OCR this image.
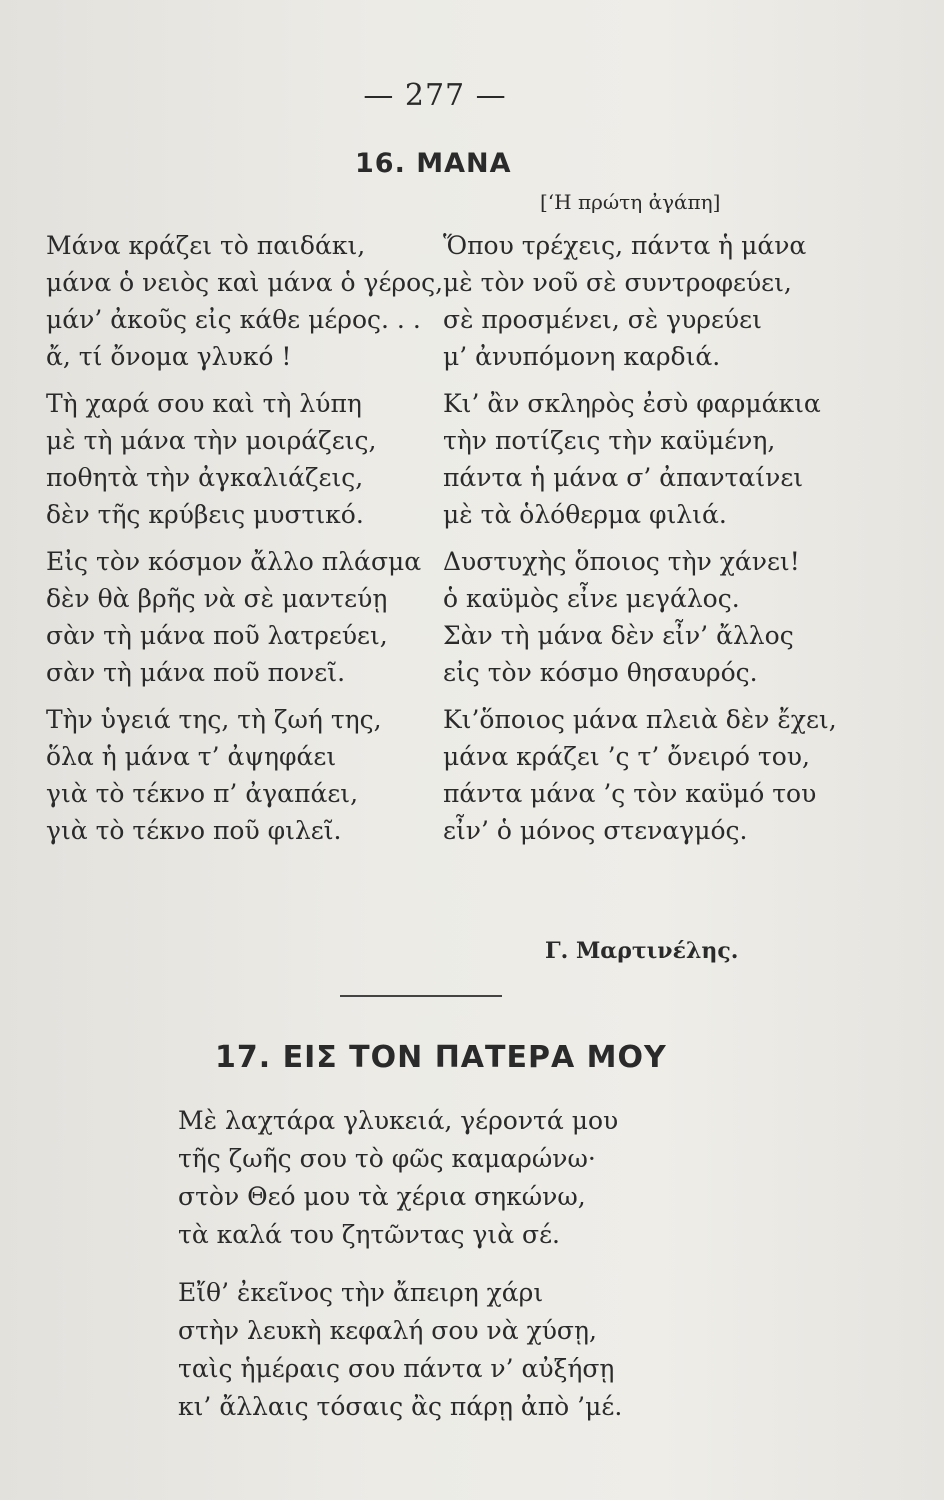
— 277 —
16. ΜΑΝΑ
[‘Η πρώτη ἀγάπη]
Μάνα κράζει τὸ παιδάκι,
μάνα ὁ νειὸς καὶ μάνα ὁ γέρος,
μάν’ ἀκοῦς εἰς κάθε μέρος. . .
ἄ, τί ὄνομα γλυκό !
Τὴ χαρά σου καὶ τὴ λύπη
μὲ τὴ μάνα τὴν μοιράζεις,
ποθητὰ τὴν ἀγκαλιάζεις,
δὲν τῆς κρύβεις μυστικό.
Εἰς τὸν κόσμον ἄλλο πλάσμα
δὲν θὰ βρῆς νὰ σὲ μαντεύῃ
σὰν τὴ μάνα ποῦ λατρεύει,
σὰν τὴ μάνα ποῦ πονεῖ.
Τὴν ὑγειά της, τὴ ζωή της,
ὅλα ἡ μάνα τ’ ἀψηφάει
γιὰ τὸ τέκνο π’ ἀγαπάει,
γιὰ τὸ τέκνο ποῦ φιλεῖ.
Ὅπου τρέχεις, πάντα ἡ μάνα
μὲ τὸν νοῦ σὲ συντροφεύει,
σὲ προσμένει, σὲ γυρεύει
μ’ ἀνυπόμονη καρδιά.
Κι’ ἂν σκληρὸς ἐσὺ φαρμάκια
τὴν ποτίζεις τὴν καϋμένη,
πάντα ἡ μάνα σ’ ἀπανταίνει
μὲ τὰ ὁλόθερμα φιλιά.
Δυστυχὴς ὅποιος τὴν χάνει!
ὁ καϋμὸς εἶνε μεγάλος.
Σὰν τὴ μάνα δὲν εἶν’ ἄλλος
εἰς τὸν κόσμο θησαυρός.
Κι’ὅποιος μάνα πλειὰ δὲν ἔχει,
μάνα κράζει ’ς τ’ ὄνειρό του,
πάντα μάνα ’ς τὸν καϋμό του
εἶν’ ὁ μόνος στεναγμός.
Γ. Μαρτινέλης.
17. ΕΙΣ ΤΟΝ ΠΑΤΕΡΑ ΜΟΥ
Μὲ λαχτάρα γλυκειά, γέροντά μου
τῆς ζωῆς σου τὸ φῶς καμαρώνω·
στὸν Θεό μου τὰ χέρια σηκώνω,
τὰ καλά του ζητῶντας γιὰ σέ.
Εἴθ’ ἐκεῖνος τὴν ἄπειρη χάρι
στὴν λευκὴ κεφαλή σου νὰ χύσῃ,
ταὶς ἡμέραις σου πάντα ν’ αὐξήσῃ
κι’ ἄλλαις τόσαις ἂς πάρῃ ἀπὸ ’μέ.
